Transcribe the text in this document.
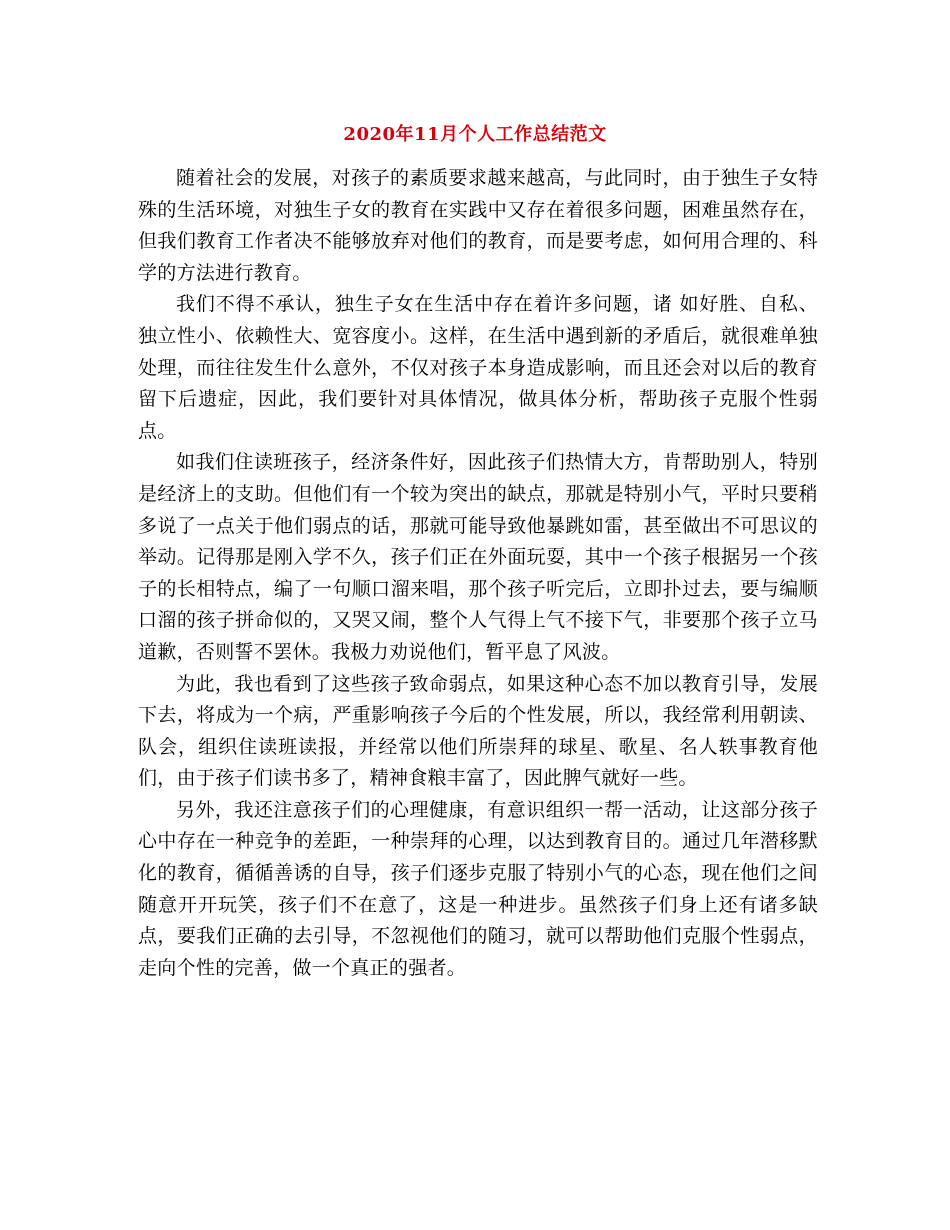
2020年11月个人工作总结范文

随着社会的发展，对孩子的素质要求越来越高，与此同时，由于独生子女特殊的生活环境，对独生子女的教育在实践中又存在着很多问题，困难虽然存在，但我们教育工作者决不能够放弃对他们的教育，而是要考虑，如何用合理的、科学的方法进行教育。

我们不得不承认，独生子女在生活中存在着许多问题，诸 如好胜、自私、独立性小、依赖性大、宽容度小。这样，在生活中遇到新的矛盾后，就很难单独处理，而往往发生什么意外，不仅对孩子本身造成影响，而且还会对以后的教育留下后遗症，因此，我们要针对具体情况，做具体分析，帮助孩子克服个性弱点。

如我们住读班孩子，经济条件好，因此孩子们热情大方，肯帮助别人，特别是经济上的支助。但他们有一个较为突出的缺点，那就是特别小气，平时只要稍多说了一点关于他们弱点的话，那就可能导致他暴跳如雷，甚至做出不可思议的举动。记得那是刚入学不久，孩子们正在外面玩耍，其中一个孩子根据另一个孩子的长相特点，编了一句顺口溜来唱，那个孩子听完后，立即扑过去，要与编顺口溜的孩子拼命似的，又哭又闹，整个人气得上气不接下气，非要那个孩子立马道歉，否则誓不罢休。我极力劝说他们，暂平息了风波。

为此，我也看到了这些孩子致命弱点，如果这种心态不加以教育引导，发展下去，将成为一个病，严重影响孩子今后的个性发展，所以，我经常利用朝读、队会，组织住读班读报，并经常以他们所崇拜的球星、歌星、名人轶事教育他们，由于孩子们读书多了，精神食粮丰富了，因此脾气就好一些。

另外，我还注意孩子们的心理健康，有意识组织一帮一活动，让这部分孩子心中存在一种竞争的差距，一种崇拜的心理，以达到教育目的。通过几年潜移默化的教育，循循善诱的自导，孩子们逐步克服了特别小气的心态，现在他们之间随意开开玩笑，孩子们不在意了，这是一种进步。虽然孩子们身上还有诸多缺点，要我们正确的去引导，不忽视他们的随习，就可以帮助他们克服个性弱点，走向个性的完善，做一个真正的强者。
